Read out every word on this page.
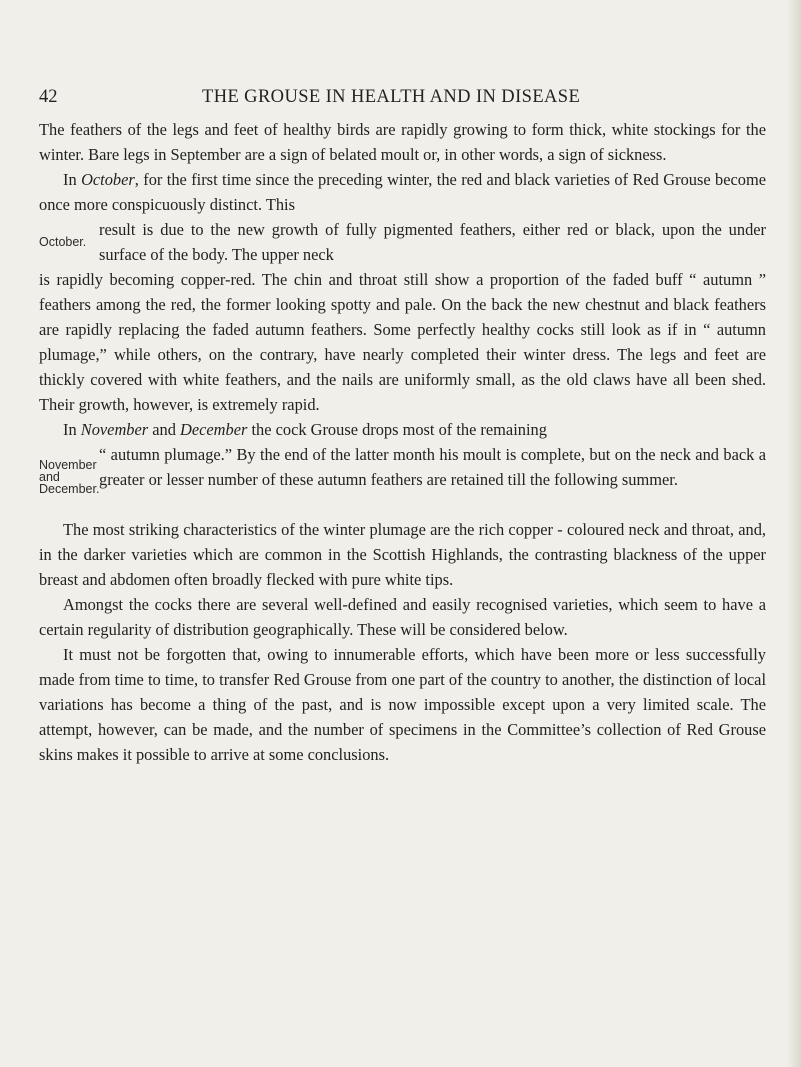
42	THE GROUSE IN HEALTH AND IN DISEASE

The feathers of the legs and feet of healthy birds are rapidly growing to form thick, white stockings for the winter. Bare legs in September are a sign of belated moult or, in other words, a sign of sickness.

In October, for the first time since the preceding winter, the red and black varieties of Red Grouse become once more conspicuously distinct. This

October.

result is due to the new growth of fully pigmented feathers, either red or black, upon the under surface of the body. The upper neck

is rapidly becoming copper-red. The chin and throat still show a proportion of the faded buff “ autumn ” feathers among the red, the former looking spotty and pale. On the back the new chestnut and black feathers are rapidly replacing the faded autumn feathers. Some perfectly healthy cocks still look as if in “ autumn plumage,” while others, on the contrary, have nearly completed their winter dress. The legs and feet are thickly covered with white feathers, and the nails are uniformly small, as the old claws have all been shed. Their growth, however, is extremely rapid.

In November and December the cock Grouse drops most of the remaining

November
and
December.

“ autumn plumage.” By the end of the latter month his moult is complete, but on the neck and back a greater or lesser number of these autumn feathers are retained till the following summer.

The most striking characteristics of the winter plumage are the rich copper - coloured neck and throat, and, in the darker varieties which are common in the Scottish Highlands, the contrasting blackness of the upper breast and abdomen often broadly flecked with pure white tips.

Amongst the cocks there are several well-defined and easily recognised varieties, which seem to have a certain regularity of distribution geographically. These will be considered below.

It must not be forgotten that, owing to innumerable efforts, which have been more or less successfully made from time to time, to transfer Red Grouse from one part of the country to another, the distinction of local variations has become a thing of the past, and is now impossible except upon a very limited scale. The attempt, however, can be made, and the number of specimens in the Committee’s collection of Red Grouse skins makes it possible to arrive at some conclusions.
